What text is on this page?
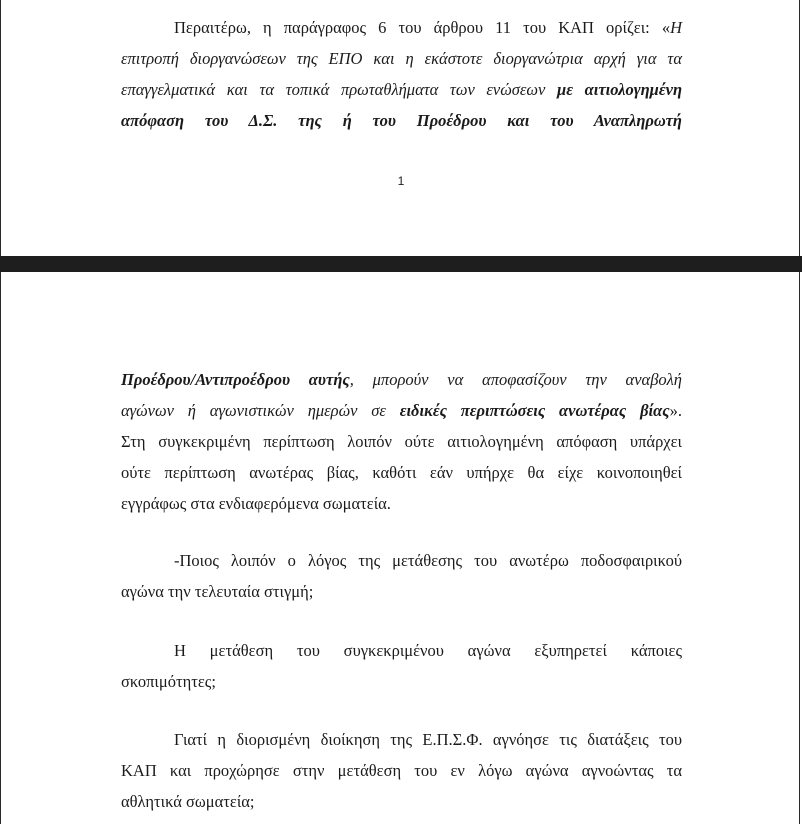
Περαιτέρω, η παράγραφος 6 του άρθρου 11 του ΚΑΠ ορίζει: «Η
επιτροπή διοργανώσεων της ΕΠΟ και η εκάστοτε διοργανώτρια αρχή για τα
επαγγελματικά και τα τοπικά πρωταθλήματα των ενώσεων με αιτιολογημένη
απόφαση του Δ.Σ. της ή του Προέδρου και του Αναπληρωτή
1
Προέδρου/Αντιπροέδρου αυτής, μπορούν να αποφασίζουν την αναβολή
αγώνων ή αγωνιστικών ημερών σε ειδικές περιπτώσεις ανωτέρας βίας».
Στη συγκεκριμένη περίπτωση λοιπόν ούτε αιτιολογημένη απόφαση υπάρχει
ούτε περίπτωση ανωτέρας βίας, καθότι εάν υπήρχε θα είχε κοινοποιηθεί
εγγράφως στα ενδιαφερόμενα σωματεία.
-Ποιος λοιπόν ο λόγος της μετάθεσης του ανωτέρω ποδοσφαιρικού
αγώνα την τελευταία στιγμή;
Η μετάθεση του συγκεκριμένου αγώνα εξυπηρετεί κάποιες
σκοπιμότητες;
Γιατί η διορισμένη διοίκηση της Ε.Π.Σ.Φ. αγνόησε τις διατάξεις του
ΚΑΠ και προχώρησε στην μετάθεση του εν λόγω αγώνα αγνοώντας τα
αθλητικά σωματεία;
